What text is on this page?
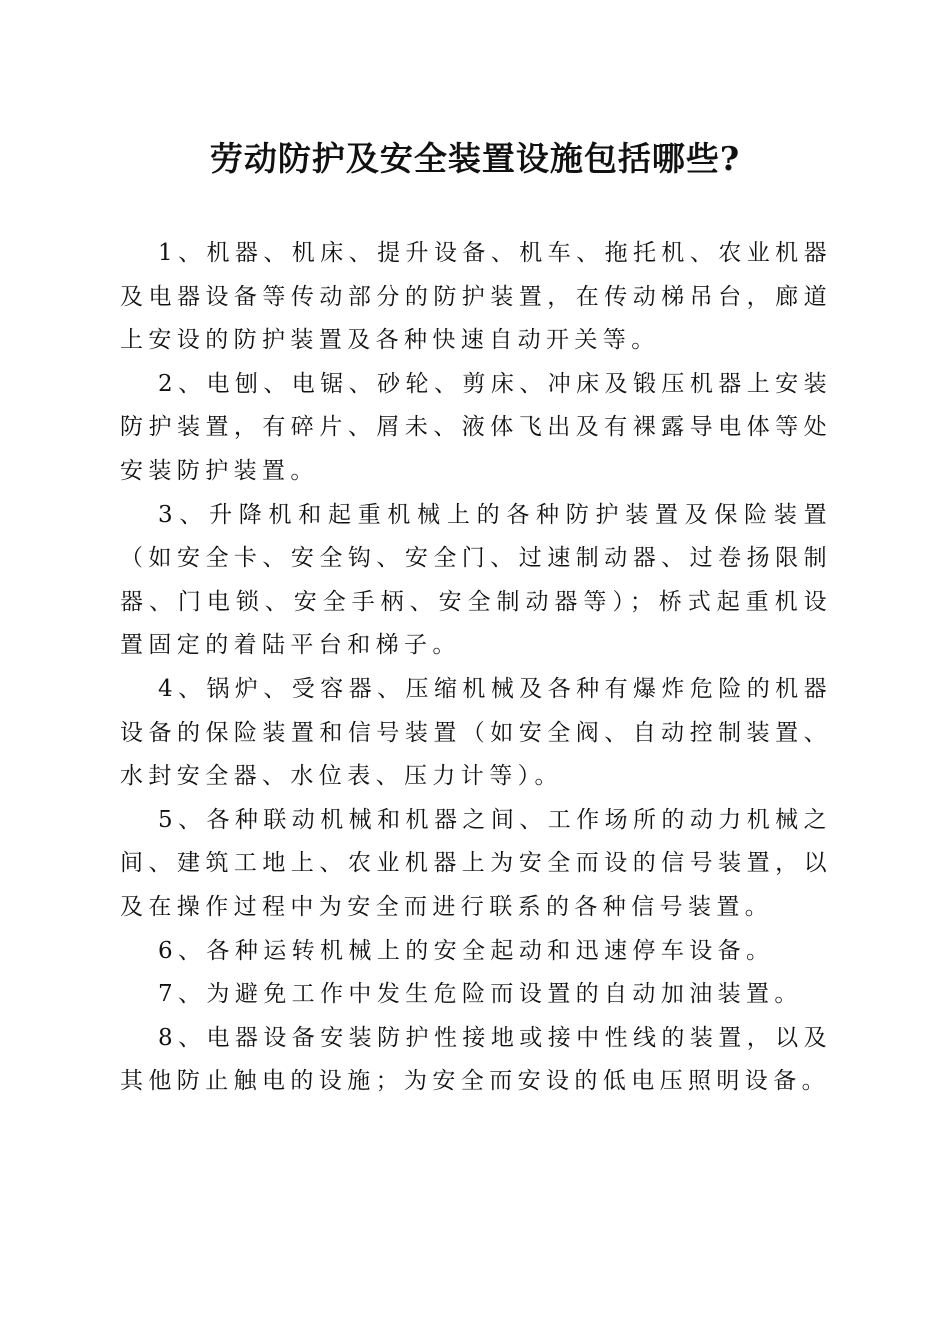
劳动防护及安全装置设施包括哪些?

1、机器、机床、提升设备、机车、拖托机、农业机器及电器设备等传动部分的防护装置，在传动梯吊台，廊道上安设的防护装置及各种快速自动开关等。

2、电刨、电锯、砂轮、剪床、冲床及锻压机器上安装防护装置，有碎片、屑未、液体飞出及有裸露导电体等处安装防护装置。

3、升降机和起重机械上的各种防护装置及保险装置（如安全卡、安全钩、安全门、过速制动器、过卷扬限制器、门电锁、安全手柄、安全制动器等）；桥式起重机设置固定的着陆平台和梯子。

4、锅炉、受容器、压缩机械及各种有爆炸危险的机器设备的保险装置和信号装置（如安全阀、自动控制装置、水封安全器、水位表、压力计等）。

5、各种联动机械和机器之间、工作场所的动力机械之间、建筑工地上、农业机器上为安全而设的信号装置，以及在操作过程中为安全而进行联系的各种信号装置。

6、各种运转机械上的安全起动和迅速停车设备。

7、为避免工作中发生危险而设置的自动加油装置。

8、电器设备安装防护性接地或接中性线的装置，以及其他防止触电的设施；为安全而安设的低电压照明设备。
